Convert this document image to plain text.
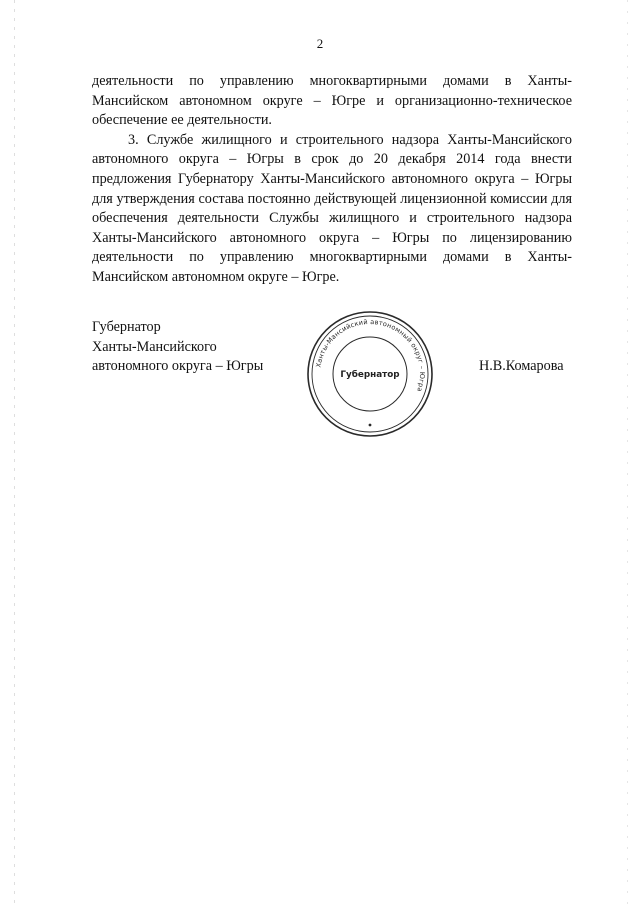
2

деятельности по управлению многоквартирными домами в Ханты-Мансийском автономном округе – Югре и организационно-техническое обеспечение ее деятельности.

3. Службе жилищного и строительного надзора Ханты-Мансийского автономного округа – Югры в срок до 20 декабря 2014 года внести предложения Губернатору Ханты-Мансийского автономного округа – Югры для утверждения состава постоянно действующей лицензионной комиссии для обеспечения деятельности Службы жилищного и строительного надзора Ханты-Мансийского автономного округа – Югры по лицензированию деятельности по управлению многоквартирными домами в Ханты-Мансийском автономном округе – Югре.

Губернатор
Ханты-Мансийского
автономного округа – Югры	Ханты-Мансийский автономный округ – Югра
Губернатор
Н.В.Комарова
